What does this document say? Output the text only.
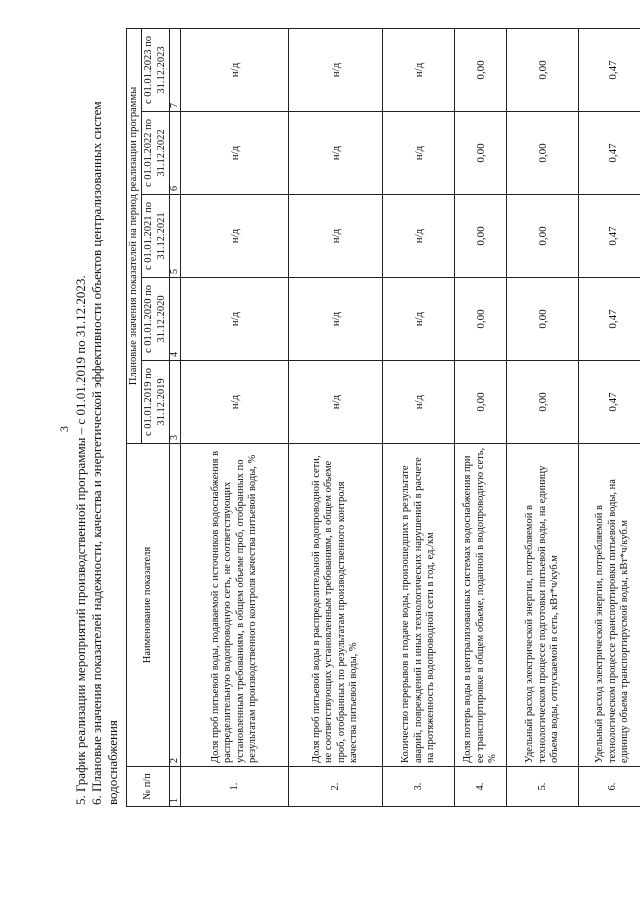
3 5. График реализации мероприятий производственной программы – с 01.01.2019 по 31.12.2023. 6. Плановые значения показателей надежности, качества и энергетической эффективности объектов централизованных систем водоснабжения № п/п	Наименование показателя	Плановые значения показателей на период реализации программы				
		с 01.01.2019 по 31.12.2019	с 01.01.2020 по 31.12.2020	с 01.01.2021 по 31.12.2021	с 01.01.2022 по 31.12.2022	с 01.01.2023 по 31.12.2023
1	2	3	4	5	6	7
1.	Доля проб питьевой воды, подаваемой с источников водоснабжения в распределительную водопроводную сеть, не соответствующих установленным требованиям, в общем объеме проб, отобранных по результатам производственного контроля качества питьевой воды, %	н/д	н/д	н/д	н/д	н/д
2.	Доля проб питьевой воды в распределительной водопроводной сети, не соответствующих установленным требованиям, в общем объеме проб, отобранных по результатам производственного контроля качества питьевой воды, %	н/д	н/д	н/д	н/д	н/д
3.	Количество перерывов в подаче воды, произошедших в результате аварий, повреждений и иных технологических нарушений в расчете на протяженность водопроводной сети в год, ед./км	н/д	н/д	н/д	н/д	н/д
4.	Доля потерь воды в централизованных системах водоснабжения при ее транспортировке в общем объеме, поданной в водопроводную сеть, %	0,00	0,00	0,00	0,00	0,00
5.	Удельный расход электрической энергии, потребляемой в технологическом процессе подготовки питьевой воды, на единицу объема воды, отпускаемой в сеть, кВт*ч/куб.м	0,00	0,00	0,00	0,00	0,00
6.	Удельный расход электрической энергии, потребляемой в технологическом процессе транспортировки питьевой воды, на единицу объема транспортирусмой воды, кВт*ч/куб.м	0,47	0,47	0,47	0,47	0,47
